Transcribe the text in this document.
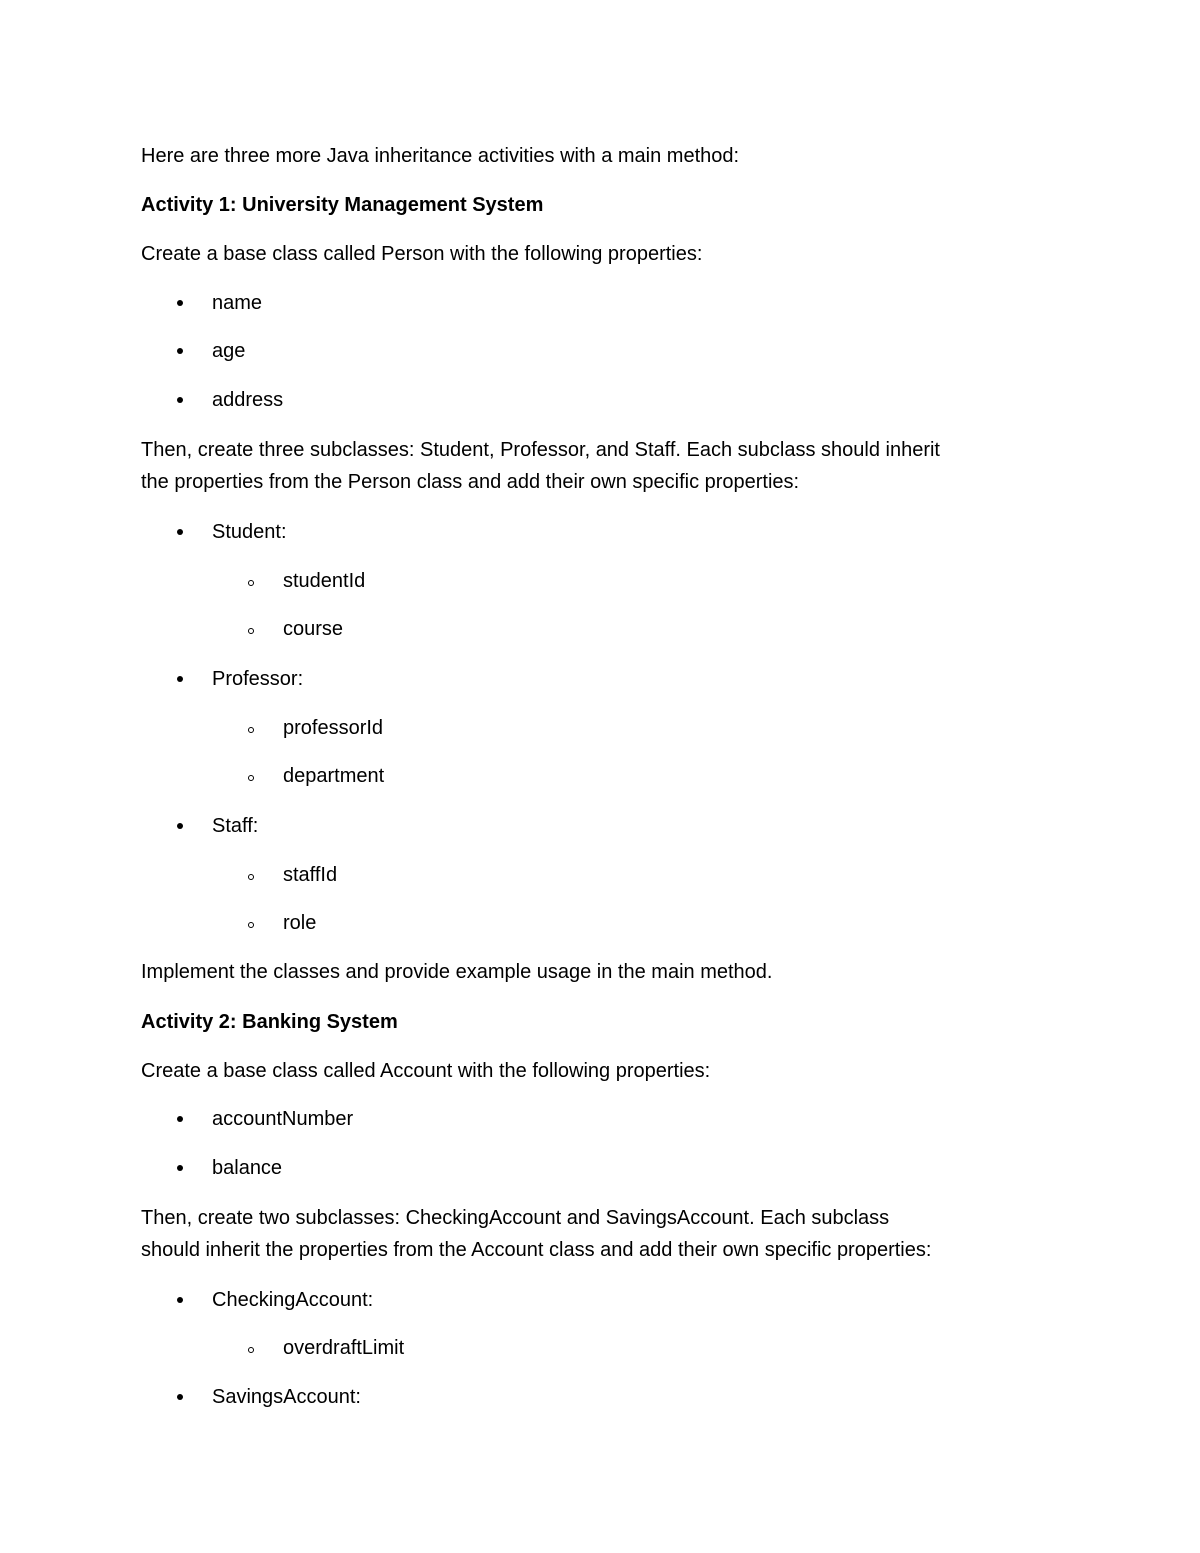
Here are three more Java inheritance activities with a main method:
Activity 1: University Management System
Create a base class called Person with the following properties:
name
age
address
Then, create three subclasses: Student, Professor, and Staff. Each subclass should inherit
the properties from the Person class and add their own specific properties:
Student:
studentId
course
Professor:
professorId
department
Staff:
staffId
role
Implement the classes and provide example usage in the main method.
Activity 2: Banking System
Create a base class called Account with the following properties:
accountNumber
balance
Then, create two subclasses: CheckingAccount and SavingsAccount. Each subclass
should inherit the properties from the Account class and add their own specific properties:
CheckingAccount:
overdraftLimit
SavingsAccount:
